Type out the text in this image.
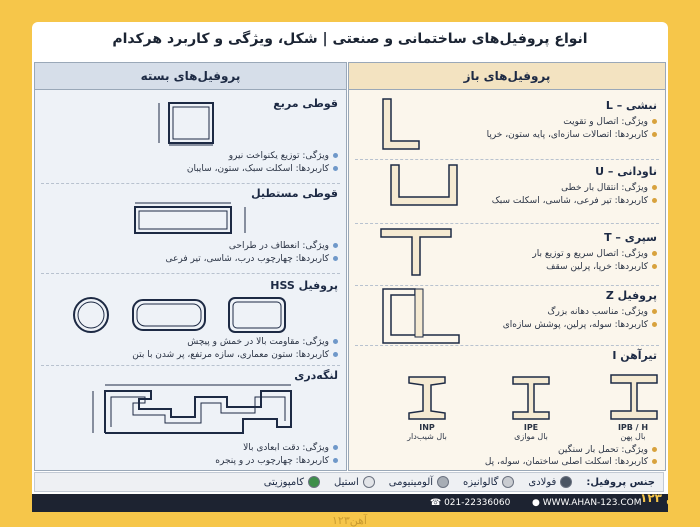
انواع پروفیل‌های ساختمانی و صنعتی | شکل، ویژگی و کاربرد هرکدام
پروفیل‌های بسته
قوطی مربع
ویژگی: توزیع یکنواخت نیرو
کاربردها: اسکلت سبک، ستون، سایبان
قوطی مستطیل
ویژگی: انعطاف در طراحی
کاربردها: چهارچوب درب، شاسی، تیر فرعی
پروفیل HSS
ویژگی: مقاومت بالا در خمش و پیچش
کاربردها: ستون معماری، سازه مرتفع، پر شدن با بتن
لنگه‌دری
ویژگی: دقت ابعادی بالا
کاربردها: چهارچوب در و پنجره
پروفیل‌های باز
نبشی – L
ویژگی: اتصال و تقویت
کاربردها: اتصالات سازه‌ای، پایه ستون، خرپا
ناودانی – U
ویژگی: انتقال بار خطی
کاربردها: تیر فرعی، شاسی، اسکلت سبک
سپری – T
ویژگی: اتصال سریع و توزیع بار
کاربردها: خرپا، پرلین سقف
پروفیل Z
ویژگی: مناسب دهانه بزرگ
کاربردها: سوله، پرلین، پوشش سازه‌ای
تیرآهن I
INP
بال شیب‌دار
IPE
بال موازی
IPB / H
بال پهن
ویژگی: تحمل بار سنگین
کاربردها: اسکلت اصلی ساختمان، سوله، پل
جنس پروفیل:
فولادی
گالوانیزه
آلومینیومی
استیل
کامپوزیتی
☎ 021-22336060 ● WWW.AHAN-123.COM
آهن ۱۲۳
آهن۱۲۳
